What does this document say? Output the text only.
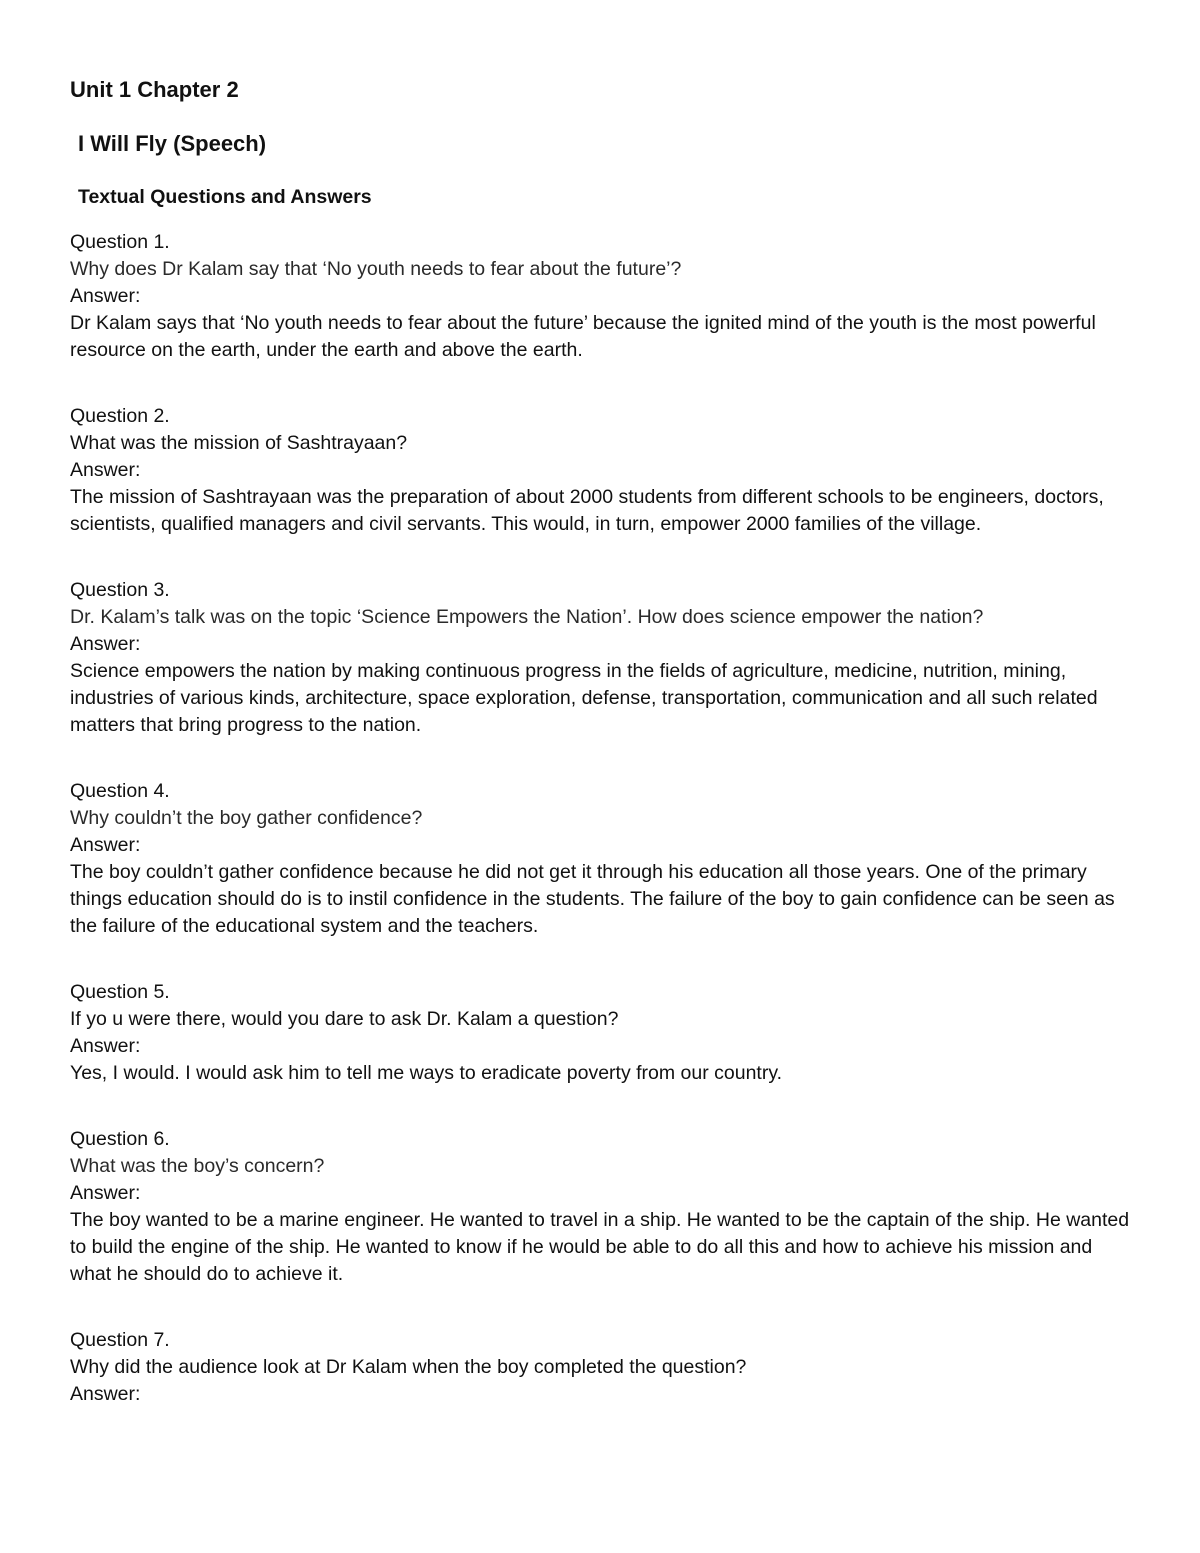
Unit 1 Chapter 2
I Will Fly (Speech)
Textual Questions and Answers

Question 1.

Why does Dr Kalam say that ‘No youth needs to fear about the future’?

Answer:

Dr Kalam says that ‘No youth needs to fear about the future’ because the ignited mind of the youth is the most powerful resource on the earth, under the earth and above the earth.

Question 2.

What was the mission of Sashtrayaan?

Answer:

The mission of Sashtrayaan was the preparation of about 2000 students from different schools to be engineers, doctors, scientists, qualified managers and civil servants. This would, in turn, empower 2000 families of the village.

Question 3.

Dr. Kalam’s talk was on the topic ‘Science Empowers the Nation’. How does science empower the nation?

Answer:

Science empowers the nation by making continuous progress in the fields of agriculture, medicine, nutrition, mining, industries of various kinds, architecture, space exploration, defense, transportation, communication and all such related matters that bring progress to the nation.

Question 4.

Why couldn’t the boy gather confidence?

Answer:

The boy couldn’t gather confidence because he did not get it through his education all those years. One of the primary things education should do is to instil confidence in the students. The failure of the boy to gain confidence can be seen as the failure of the educational system and the teachers.

Question 5.

If yo u were there, would you dare to ask Dr. Kalam a question?

Answer:

Yes, I would. I would ask him to tell me ways to eradicate poverty from our country.

Question 6.

What was the boy’s concern?

Answer:

The boy wanted to be a marine engineer. He wanted to travel in a ship. He wanted to be the captain of the ship. He wanted to build the engine of the ship. He wanted to know if he would be able to do all this and how to achieve his mission and what he should do to achieve it.

Question 7.

Why did the audience look at Dr Kalam when the boy completed the question?

Answer:
